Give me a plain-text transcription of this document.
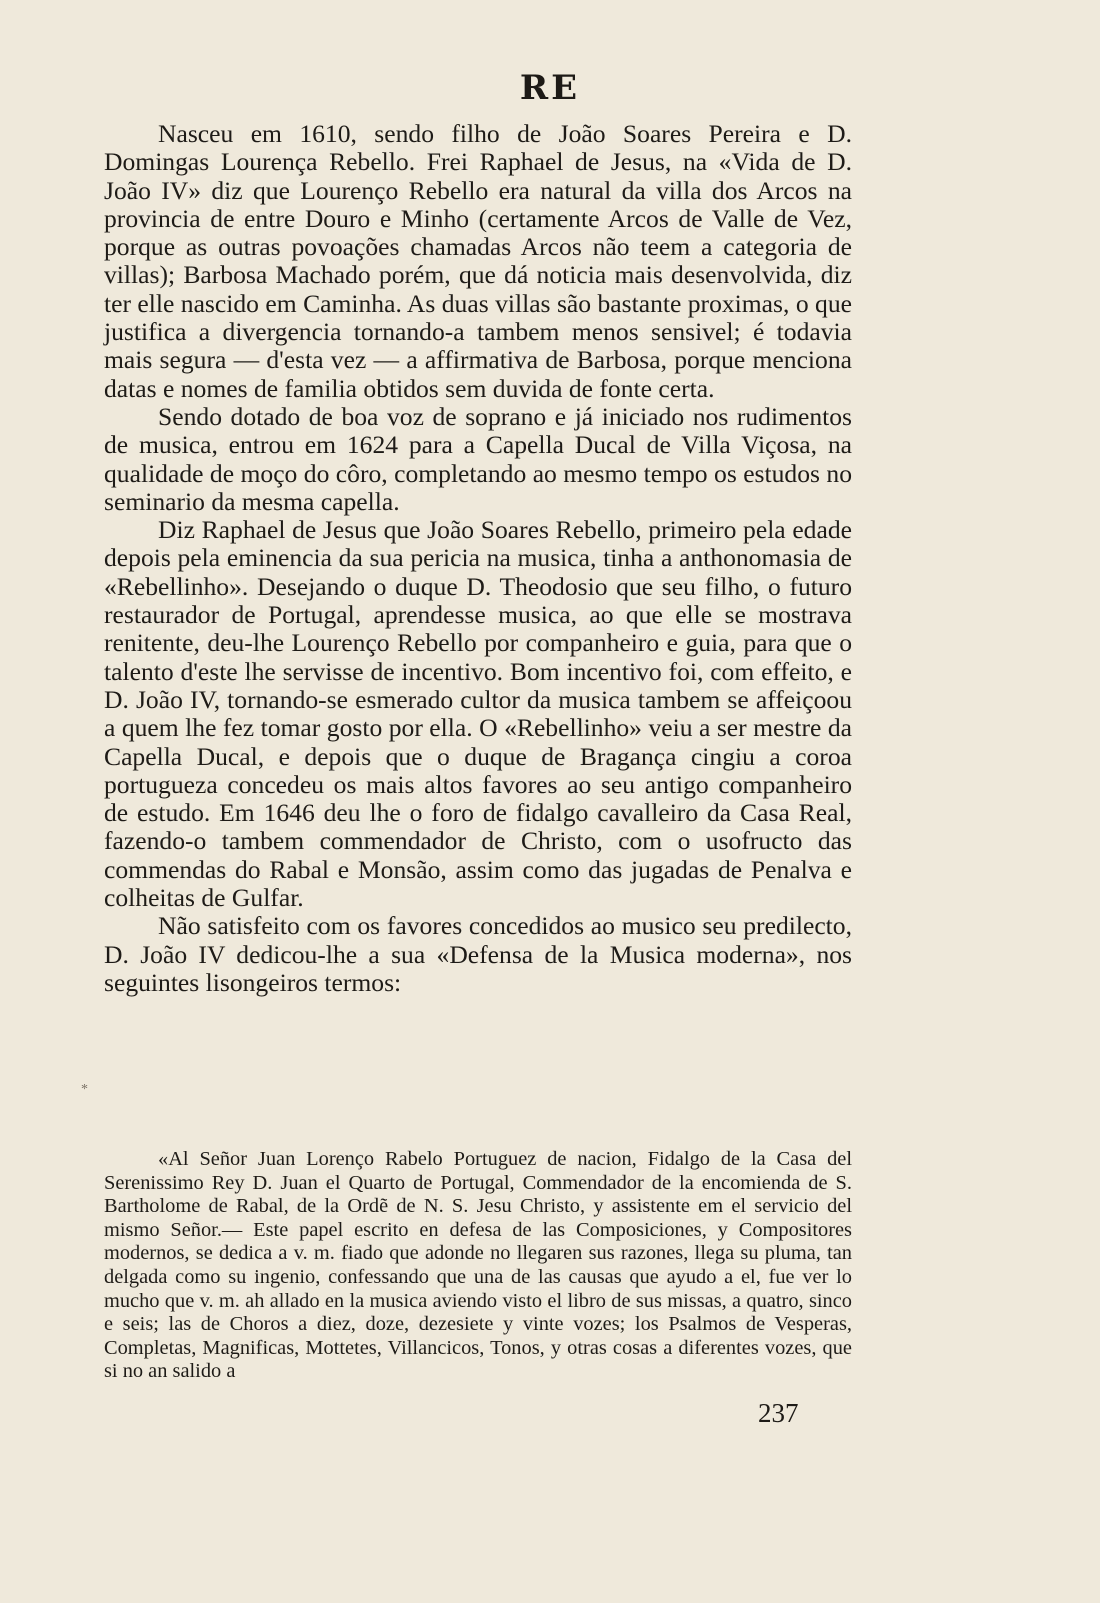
RE

Nasceu em 1610, sendo filho de João Soares Pereira e D. Domingas Lourença Rebello. Frei Raphael de Jesus, na «Vida de D. João IV» diz que Lourenço Rebello era natural da villa dos Arcos na provincia de entre Douro e Minho (certamente Arcos de Valle de Vez, porque as outras povoações chamadas Arcos não teem a categoria de villas); Barbosa Machado porém, que dá noticia mais desenvolvida, diz ter elle nascido em Caminha. As duas villas são bastante proximas, o que justifica a divergencia tornando-a tambem menos sensivel; é todavia mais segura — d'esta vez — a affirmativa de Barbosa, porque menciona datas e nomes de familia obtidos sem duvida de fonte certa.

Sendo dotado de boa voz de soprano e já iniciado nos rudimentos de musica, entrou em 1624 para a Capella Ducal de Villa Viçosa, na qualidade de moço do côro, completando ao mesmo tempo os estudos no seminario da mesma capella.

Diz Raphael de Jesus que João Soares Rebello, primeiro pela edade depois pela eminencia da sua pericia na musica, tinha a anthonomasia de «Rebellinho». Desejando o duque D. Theodosio que seu filho, o futuro restaurador de Portugal, aprendesse musica, ao que elle se mostrava renitente, deu-lhe Lourenço Rebello por companheiro e guia, para que o talento d'este lhe servisse de incentivo. Bom incentivo foi, com effeito, e D. João IV, tornando-se esmerado cultor da musica tambem se affeiçoou a quem lhe fez tomar gosto por ella. O «Rebellinho» veiu a ser mestre da Capella Ducal, e depois que o duque de Bragança cingiu a coroa portugueza concedeu os mais altos favores ao seu antigo companheiro de estudo. Em 1646 deu lhe o foro de fidalgo cavalleiro da Casa Real, fazendo-o tambem commendador de Christo, com o usofructo das commendas do Rabal e Monsão, assim como das jugadas de Penalva e colheitas de Gulfar.

Não satisfeito com os favores concedidos ao musico seu predilecto, D. João IV dedicou-lhe a sua «Defensa de la Musica moderna», nos seguintes lisongeiros termos:

*

«Al Señor Juan Lorenço Rabelo Portuguez de nacion, Fidalgo de la Casa del Serenissimo Rey D. Juan el Quarto de Portugal, Commendador de la encomienda de S. Bartholome de Rabal, de la Ordẽ de N. S. Jesu Christo, y assistente em el servicio del mismo Señor.— Este papel escrito en defesa de las Composiciones, y Compositores modernos, se dedica a v. m. fiado que adonde no llegaren sus razones, llega su pluma, tan delgada como su ingenio, confessando que una de las causas que ayudo a el, fue ver lo mucho que v. m. ah allado en la musica aviendo visto el libro de sus missas, a quatro, sinco e seis; las de Choros a diez, doze, dezesiete y vinte vozes; los Psalmos de Vesperas, Completas, Magnificas, Mottetes, Villancicos, Tonos, y otras cosas a diferentes vozes, que si no an salido a

237
